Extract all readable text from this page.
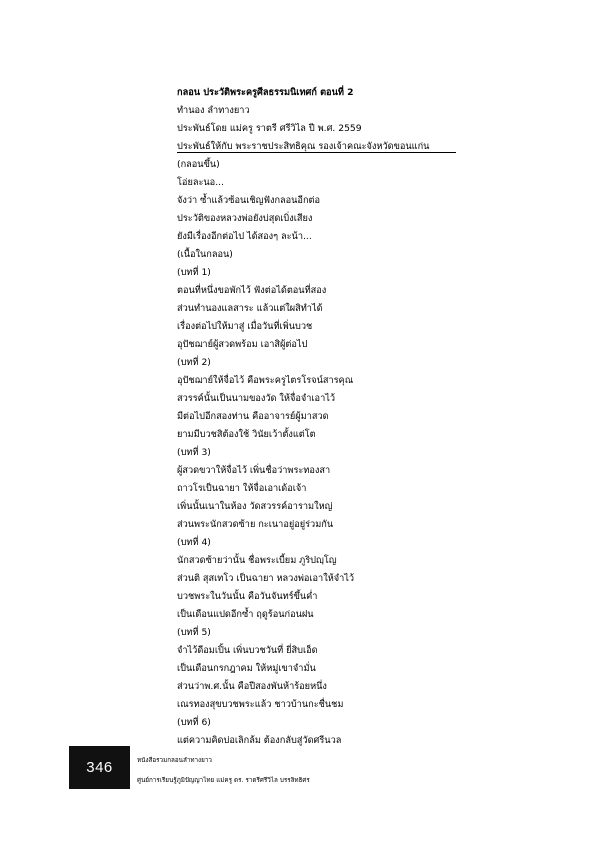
กลอน ประวัติพระครูศีลธรรมนิเทศก์ ตอนที่ 2
ทำนอง ลำทางยาว
ประพันธ์โดย แม่ครู ราตรี ศรีวิไล ปี พ.ศ. 2559
ประพันธ์ให้กับ พระราชประสิทธิคุณ รองเจ้าคณะจังหวัดขอนแก่น
(กลอนขึ้น)
โอ่ยละนอ...
จังว่า ซ้ำแล้วซ้อนเชิญฟังกลอนอีกต่อ
ประวัติของหลวงพ่อยังบ่สุดเบิ่งเสียง
ยังมีเรื่องอีกต่อไป ได้สองๆ ละน้า...
(เนื้อในกลอน)
(บทที่ 1)
ตอนที่หนึ่งขอพักไว้ ฟังต่อได้ตอนที่สอง
ส่วนทำนองแลสาระ แล้วแต่ใผสิทำได้
เรื่องต่อไปให้มาสู่ เมื่อวันที่เพิ่นบวช
อุปัชฌาย์ผู้สวดพร้อม เอาสิผู้ต่อไป
(บทที่ 2)
อุปัชฌาย์ให้จื่อไว้ คือพระครูไตรโรจน์สารคุณ
สวรรค์นั้นเป็นนามของวัด ให้จื่อจำเอาไว้
มีต่อไปอีกสองท่าน คืออาจารย์ผู้มาสวด
ยามมีบวชสิต้องใช้ วินัยเว้าตั้งแต่โต
(บทที่ 3)
ผู้สวดขวาให้จื่อไว้ เพิ่นชื่อว่าพระทองสา
ถาวโรเป็นฉายา ให้จื่อเอาเด้อเจ้า
เพิ่นนั้นเนาในห้อง วัดสวรรค์อารามใหญ่
ส่วนพระนักสวดซ้าย กะเนาอยู่อยู่ร่วมกัน
(บทที่ 4)
นักสวดซ้ายว่านั้น ชื่อพระเบี้ยม ภูริปญฺโญ
ส่วนติ สุสเทโว เป็นฉายา หลวงพ่อเอาให้จำไว้
บวชพระในวันนั้น คือวันจันทร์ขึ้นค่ำ
เป็นเดือนแปดอีกซ้ำ ฤดูร้อนก่อนฝน
(บทที่ 5)
จำไว้ดีอมเปิ้น เพิ่นบวชวันที่ ยี่สิบเอ็ด
เป็นเดือนกรกฎาคม ให้หมู่เขาจำมั่น
ส่วนว่าพ.ศ.นั้น คือปีสองพันห้าร้อยหนึ่ง
เณรทองสุขบวชพระแล้ว ชาวบ้านกะชื่นชม
(บทที่ 6)
แต่ความคิดบ่อเลิกล้ม ต้องกลับสู่วัดศรีนวล
346	หนังสือรวมกลอนลำทางยาว
ศูนย์การเรียนรู้ภูมิปัญญาไทย แม่ครู ดร. ราตรีศรีวิไล บรรลิทธิศร
